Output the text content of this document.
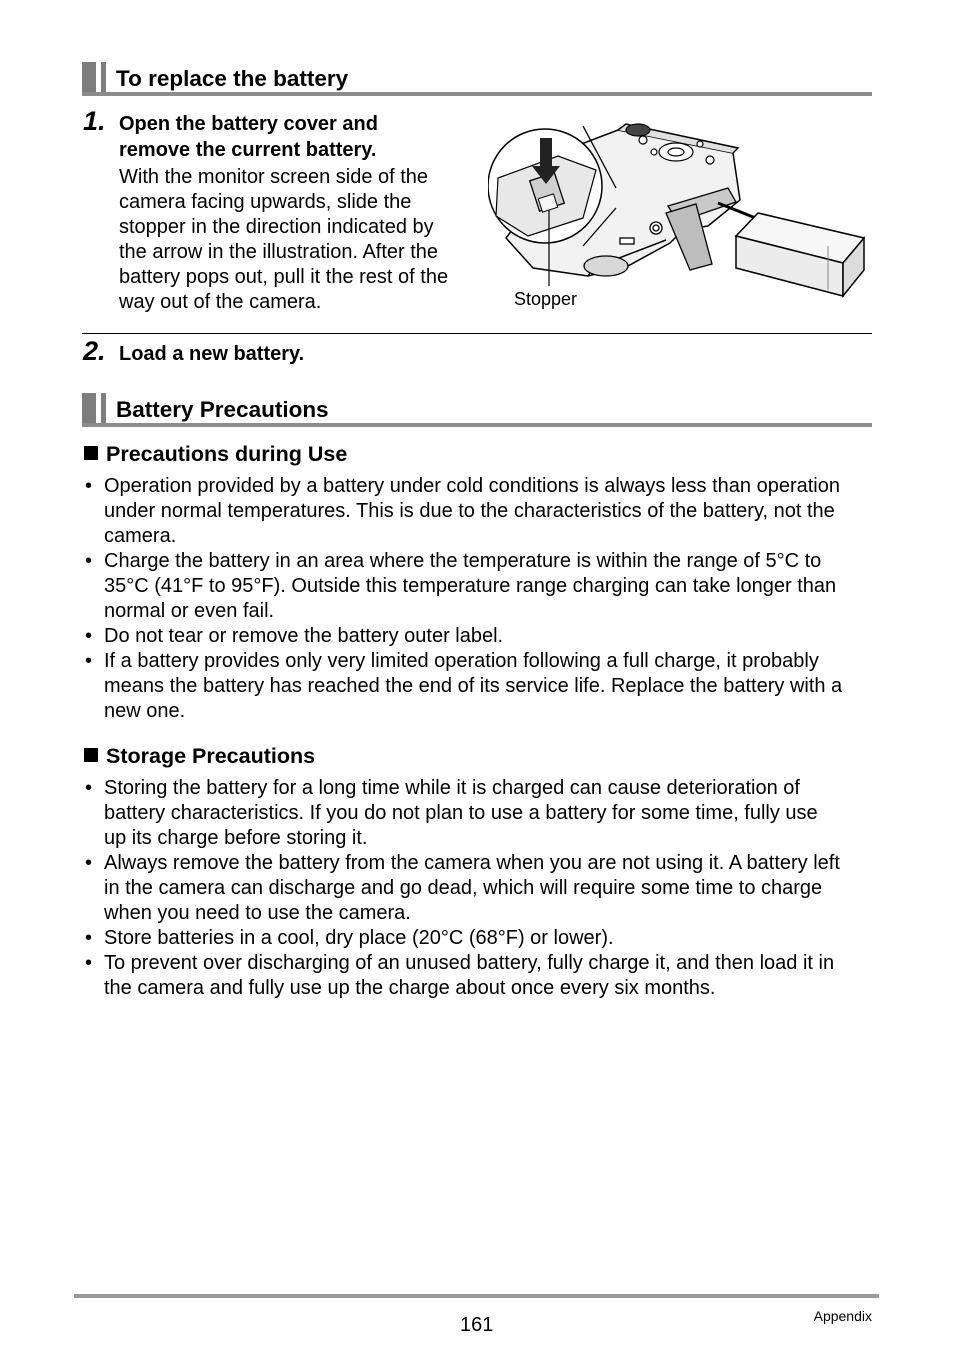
To replace the battery
1. Open the battery cover and
remove the current battery.
With the monitor screen side of the
camera facing upwards, slide the
stopper in the direction indicated by
the arrow in the illustration. After the
battery pops out, pull it the rest of the
way out of the camera.	Stopper
2. Load a new battery.
Battery Precautions
Precautions during Use
• Operation provided by a battery under cold conditions is always less than operation
under normal temperatures. This is due to the characteristics of the battery, not the
camera.
• Charge the battery in an area where the temperature is within the range of 5°C to
35°C (41°F to 95°F). Outside this temperature range charging can take longer than
normal or even fail.
• Do not tear or remove the battery outer label.
• If a battery provides only very limited operation following a full charge, it probably
means the battery has reached the end of its service life. Replace the battery with a
new one.
Storage Precautions
• Storing the battery for a long time while it is charged can cause deterioration of
battery characteristics. If you do not plan to use a battery for some time, fully use
up its charge before storing it.
• Always remove the battery from the camera when you are not using it. A battery left
in the camera can discharge and go dead, which will require some time to charge
when you need to use the camera.
• Store batteries in a cool, dry place (20°C (68°F) or lower).
• To prevent over discharging of an unused battery, fully charge it, and then load it in
the camera and fully use up the charge about once every six months.
161	Appendix
